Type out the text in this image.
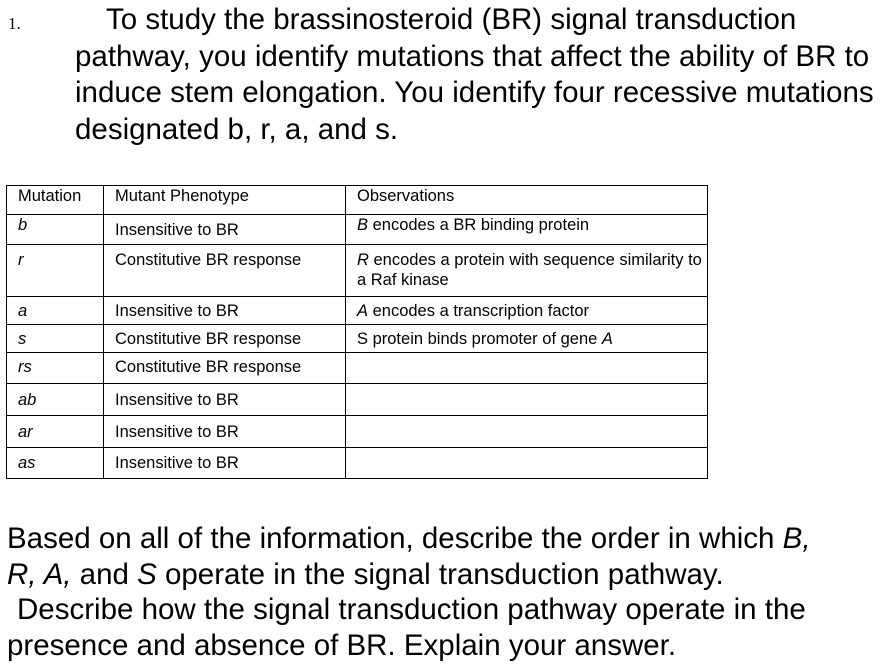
1.	To study the brassinosteroid (BR) signal transduction pathway, you identify mutations that affect the ability of BR to induce stem elongation. You identify four recessive mutations designated b, r, a, and s.

Mutation	Mutant Phenotype	Observations
b	Insensitive to BR	B encodes a BR binding protein
r	Constitutive BR response	R encodes a protein with sequence similarity to a Raf kinase
a	Insensitive to BR	A encodes a transcription factor
s	Constitutive BR response	S protein binds promoter of gene A
rs	Constitutive BR response	
ab	Insensitive to BR	
ar	Insensitive to BR	
as	Insensitive to BR	

Based on all of the information, describe the order in which B,
R, A, and S operate in the signal transduction pathway.
Describe how the signal transduction pathway operate in the presence and absence of BR. Explain your answer.
